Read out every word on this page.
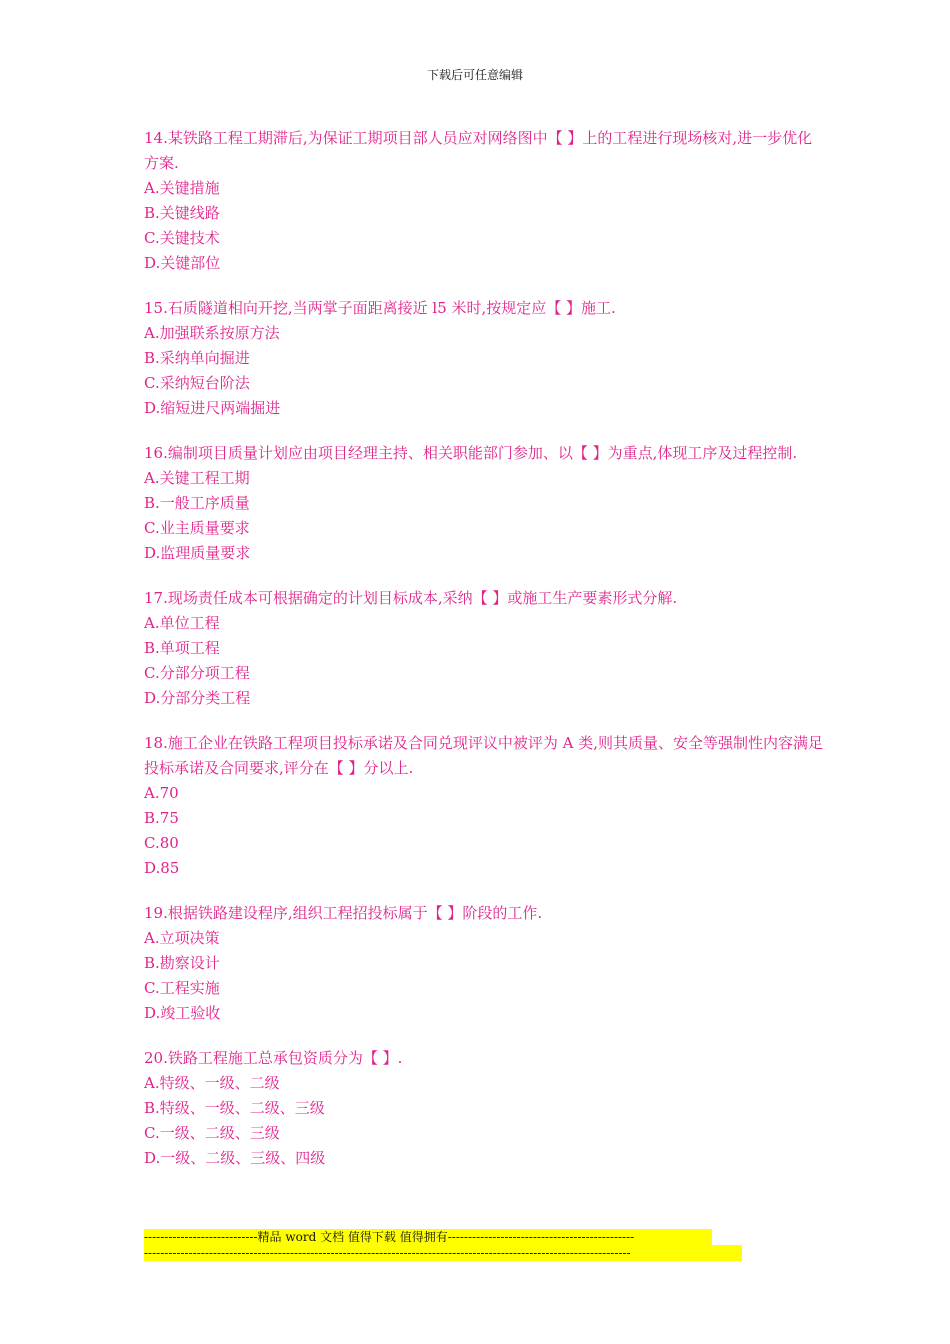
下载后可任意编辑
14.某铁路工程工期滞后,为保证工期项目部人员应对网络图中【 】上的工程进行现场核对,进一步优化方案.
A.关键措施
B.关键线路
C.关键技术
D.关键部位
15.石质隧道相向开挖,当两掌子面距离接近 l5 米时,按规定应【 】施工.
A.加强联系按原方法
B.采纳单向掘进
C.采纳短台阶法
D.缩短进尺两端掘进
16.编制项目质量计划应由项目经理主持、相关职能部门参加、以【 】为重点,体现工序及过程控制.
A.关键工程工期
B.一般工序质量
C.业主质量要求
D.监理质量要求
17.现场责任成本可根据确定的计划目标成本,采纳【 】或施工生产要素形式分解.
A.单位工程
B.单项工程
C.分部分项工程
D.分部分类工程
18.施工企业在铁路工程项目投标承诺及合同兑现评议中被评为 A 类,则其质量、安全等强制性内容满足投标承诺及合同要求,评分在【 】分以上.
A.70
B.75
C.80
D.85
19.根据铁路建设程序,组织工程招投标属于【 】阶段的工作.
A.立项决策
B.勘察设计
C.工程实施
D.竣工验收
20.铁路工程施工总承包资质分为【 】.
A.特级、一级、二级
B.特级、一级、二级、三级
C.一级、二级、三级
D.一级、二级、三级、四级
----------------------------精品 word 文档 值得下载 值得拥有----------------------------------------------
------------------------------------------------------------------------------------------------------------------------
